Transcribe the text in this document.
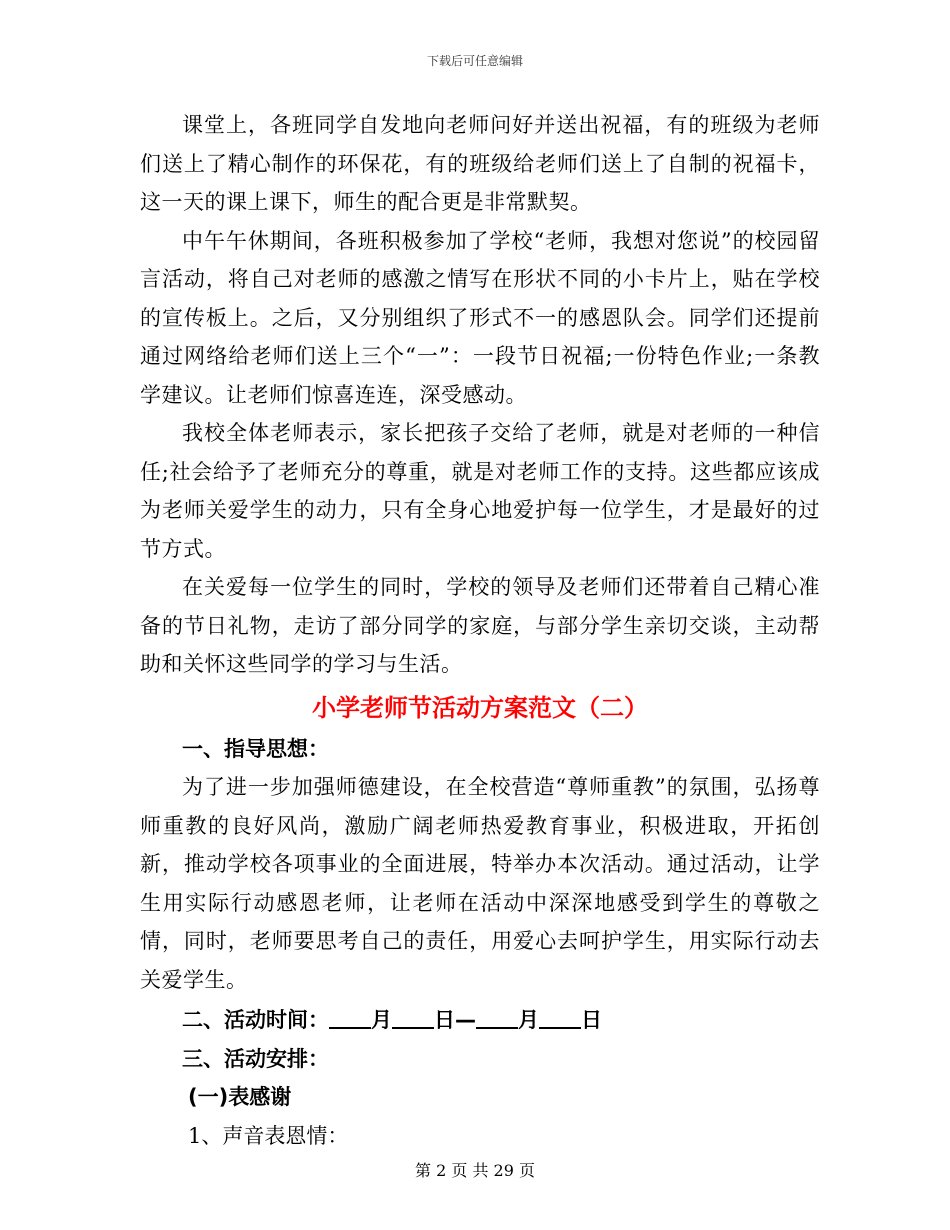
下载后可任意编辑

课堂上，各班同学自发地向老师问好并送出祝福，有的班级为老师们送上了精心制作的环保花，有的班级给老师们送上了自制的祝福卡，这一天的课上课下，师生的配合更是非常默契。

中午午休期间，各班积极参加了学校“老师，我想对您说”的校园留言活动，将自己对老师的感激之情写在形状不同的小卡片上，贴在学校的宣传板上。之后，又分别组织了形式不一的感恩队会。同学们还提前通过网络给老师们送上三个“一”：一段节日祝福;一份特色作业;一条教学建议。让老师们惊喜连连，深受感动。

我校全体老师表示，家长把孩子交给了老师，就是对老师的一种信任;社会给予了老师充分的尊重，就是对老师工作的支持。这些都应该成为老师关爱学生的动力，只有全身心地爱护每一位学生，才是最好的过节方式。

在关爱每一位学生的同时，学校的领导及老师们还带着自己精心准备的节日礼物，走访了部分同学的家庭，与部分学生亲切交谈，主动帮助和关怀这些同学的学习与生活。

小学老师节活动方案范文（二）

一、指导思想：

为了进一步加强师德建设，在全校营造“尊师重教”的氛围，弘扬尊师重教的良好风尚，激励广阔老师热爱教育事业，积极进取，开拓创新，推动学校各项事业的全面进展，特举办本次活动。通过活动，让学生用实际行动感恩老师，让老师在活动中深深地感受到学生的尊敬之情，同时，老师要思考自己的责任，用爱心去呵护学生，用实际行动去关爱学生。

二、活动时间： 月 日— 月 日

三、活动安排：

(一)表感谢

1、声音表恩情：

第 2 页 共 29 页
